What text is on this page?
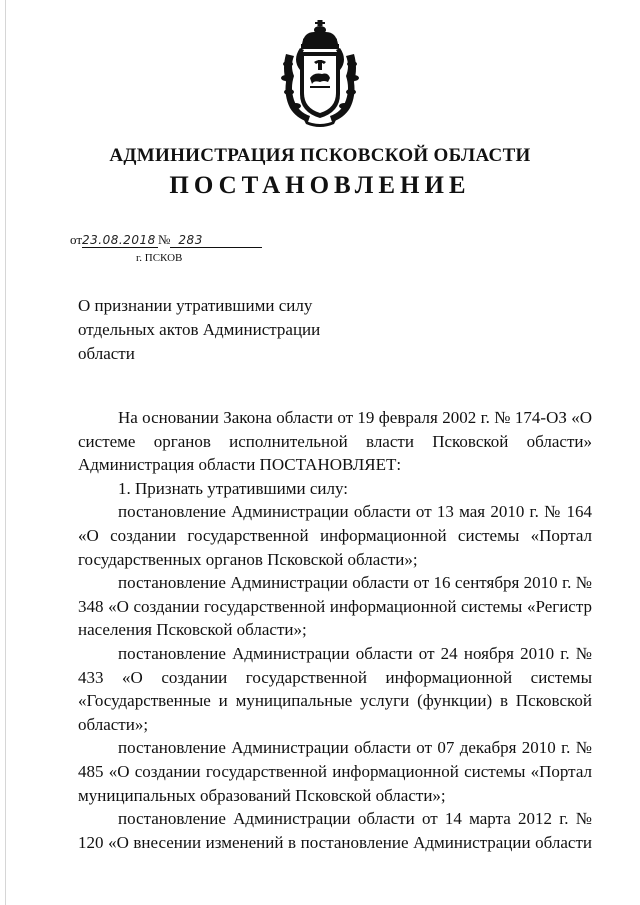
АДМИНИСТРАЦИЯ ПСКОВСКОЙ ОБЛАСТИ
ПОСТАНОВЛЕНИЕ
от23.08.2018 № 283
г. ПСКОВ
О признании утратившими силу
отдельных актов Администрации
области

На основании Закона области от 19 февраля 2002 г. № 174-ОЗ «О системе органов исполнительной власти Псковской области» Администрация области ПОСТАНОВЛЯЕТ:

1. Признать утратившими силу:

постановление Администрации области от 13 мая 2010 г. № 164 «О создании государственной информационной системы «Портал государственных органов Псковской области»;

постановление Администрации области от 16 сентября 2010 г. № 348 «О создании государственной информационной системы «Регистр населения Псковской области»;

постановление Администрации области от 24 ноября 2010 г. № 433 «О создании государственной информационной системы «Государственные и муниципальные услуги (функции) в Псковской области»;

постановление Администрации области от 07 декабря 2010 г. № 485 «О создании государственной информационной системы «Портал муниципальных образований Псковской области»;

постановление Администрации области от 14 марта 2012 г. № 120 «О внесении изменений в постановление Администрации области
